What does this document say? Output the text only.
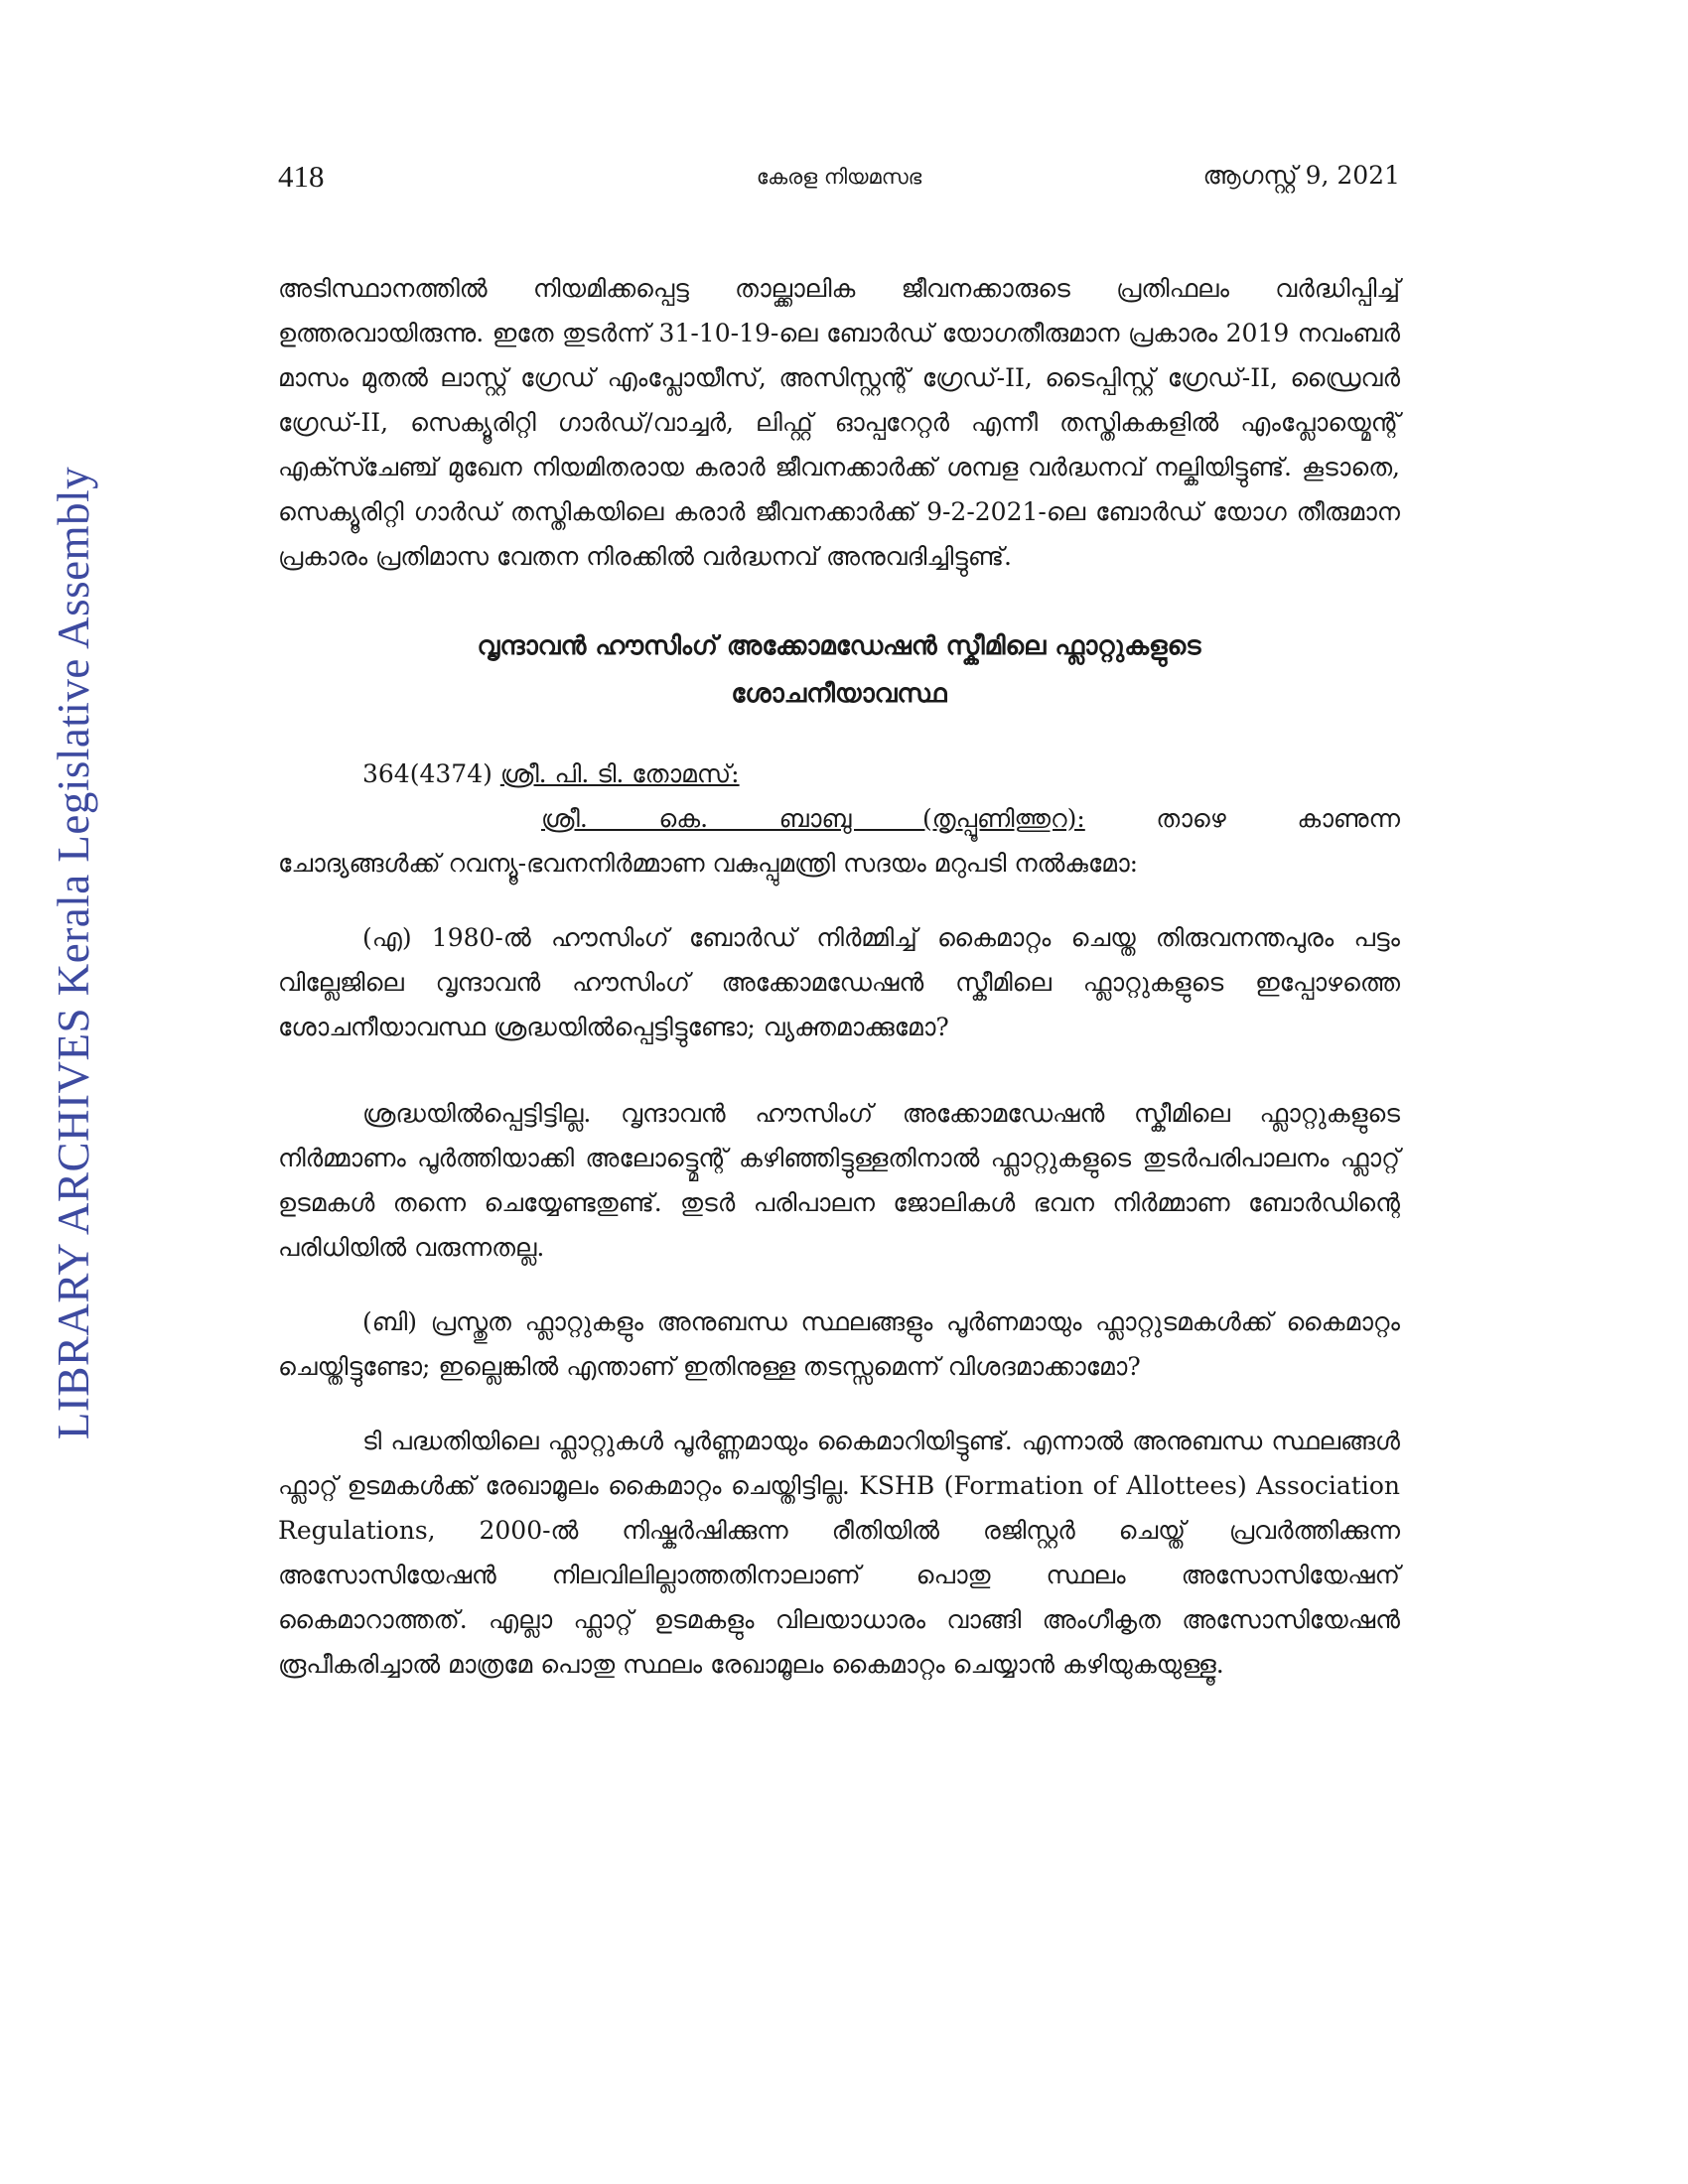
LIBRARY ARCHIVES Kerala Legislative Assembly
418	കേരള നിയമസഭ	ആഗസ്റ്റ് 9, 2021

അടിസ്ഥാനത്തിൽ നിയമിക്കപ്പെട്ട താല്ക്കാലിക ജീവനക്കാരുടെ പ്രതിഫലം വർദ്ധിപ്പിച്ച് ഉത്തരവായിരുന്നു. ഇതേ തുടർന്ന് 31-10-19-ലെ ബോർഡ് യോഗതീരുമാന പ്രകാരം 2019 നവംബർ മാസം മുതൽ ലാസ്റ്റ് ഗ്രേഡ് എംപ്ലോയീസ്, അസിസ്റ്റന്റ് ഗ്രേഡ്-II, ടൈപ്പിസ്റ്റ് ഗ്രേഡ്-II, ഡ്രൈവർ ഗ്രേഡ്-II, സെക്യൂരിറ്റി ഗാർഡ്/വാച്ചർ, ലിഫ്റ്റ് ഓപ്പറേറ്റർ എന്നീ തസ്തികകളിൽ എംപ്ലോയ്മെന്റ് എക്സ്ചേഞ്ച് മുഖേന നിയമിതരായ കരാർ ജീവനക്കാർക്ക് ശമ്പള വർദ്ധനവ് നല്കിയിട്ടുണ്ട്. കൂടാതെ, സെക്യൂരിറ്റി ഗാർഡ് തസ്തികയിലെ കരാർ ജീവനക്കാർക്ക് 9-2-2021-ലെ ബോർഡ് യോഗ തീരുമാന പ്രകാരം പ്രതിമാസ വേതന നിരക്കിൽ വർദ്ധനവ് അനുവദിച്ചിട്ടുണ്ട്.

വൃന്ദാവൻ ഹൗസിംഗ് അക്കോമഡേഷൻ സ്കീമിലെ ഫ്ലാറ്റുകളുടെ
ശോചനീയാവസ്ഥ
364(4374) ശ്രീ. പി. ടി. തോമസ്:
ശ്രീ. കെ. ബാബു (തൃപ്പൂണിത്തുറ):	താഴെ കാണുന്ന
ചോദ്യങ്ങൾക്ക് റവന്യൂ-ഭവനനിർമ്മാണ വകുപ്പുമന്ത്രി സദയം മറുപടി നൽകുമോ:

(എ) 1980-ൽ ഹൗസിംഗ് ബോർഡ് നിർമ്മിച്ച് കൈമാറ്റം ചെയ്ത തിരുവനന്തപുരം പട്ടം വില്ലേജിലെ വൃന്ദാവൻ ഹൗസിംഗ് അക്കോമഡേഷൻ സ്കീമിലെ ഫ്ലാറ്റുകളുടെ ഇപ്പോഴത്തെ ശോചനീയാവസ്ഥ ശ്രദ്ധയിൽപ്പെട്ടിട്ടുണ്ടോ; വ്യക്തമാക്കുമോ?

ശ്രദ്ധയിൽപ്പെട്ടിട്ടില്ല. വൃന്ദാവൻ ഹൗസിംഗ് അക്കോമഡേഷൻ സ്കീമിലെ ഫ്ലാറ്റുകളുടെ നിർമ്മാണം പൂർത്തിയാക്കി അലോട്ട്മെന്റ് കഴിഞ്ഞിട്ടുള്ളതിനാൽ ഫ്ലാറ്റുകളുടെ തുടർപരിപാലനം ഫ്ലാറ്റ് ഉടമകൾ തന്നെ ചെയ്യേണ്ടതുണ്ട്. തുടർ പരിപാലന ജോലികൾ ഭവന നിർമ്മാണ ബോർഡിന്റെ പരിധിയിൽ വരുന്നതല്ല.

(ബി) പ്രസ്തുത ഫ്ലാറ്റുകളും അനുബന്ധ സ്ഥലങ്ങളും പൂർണമായും ഫ്ലാറ്റുടമകൾക്ക് കൈമാറ്റം ചെയ്തിട്ടുണ്ടോ; ഇല്ലെങ്കിൽ എന്താണ് ഇതിനുള്ള തടസ്സമെന്ന് വിശദമാക്കാമോ?

ടി പദ്ധതിയിലെ ഫ്ലാറ്റുകൾ പൂർണ്ണമായും കൈമാറിയിട്ടുണ്ട്. എന്നാൽ അനുബന്ധ സ്ഥലങ്ങൾ ഫ്ലാറ്റ് ഉടമകൾക്ക് രേഖാമൂലം കൈമാറ്റം ചെയ്തിട്ടില്ല. KSHB (Formation of Allottees) Association Regulations, 2000-ൽ നിഷ്കർഷിക്കുന്ന രീതിയിൽ രജിസ്റ്റർ ചെയ്ത് പ്രവർത്തിക്കുന്ന അസോസിയേഷൻ നിലവിലില്ലാത്തതിനാലാണ് പൊതു സ്ഥലം അസോസിയേഷന് കൈമാറാത്തത്. എല്ലാ ഫ്ലാറ്റ് ഉടമകളും വിലയാധാരം വാങ്ങി അംഗീകൃത അസോസിയേഷൻ രൂപീകരിച്ചാൽ മാത്രമേ പൊതു സ്ഥലം രേഖാമൂലം കൈമാറ്റം ചെയ്യാൻ കഴിയുകയുള്ളൂ.
